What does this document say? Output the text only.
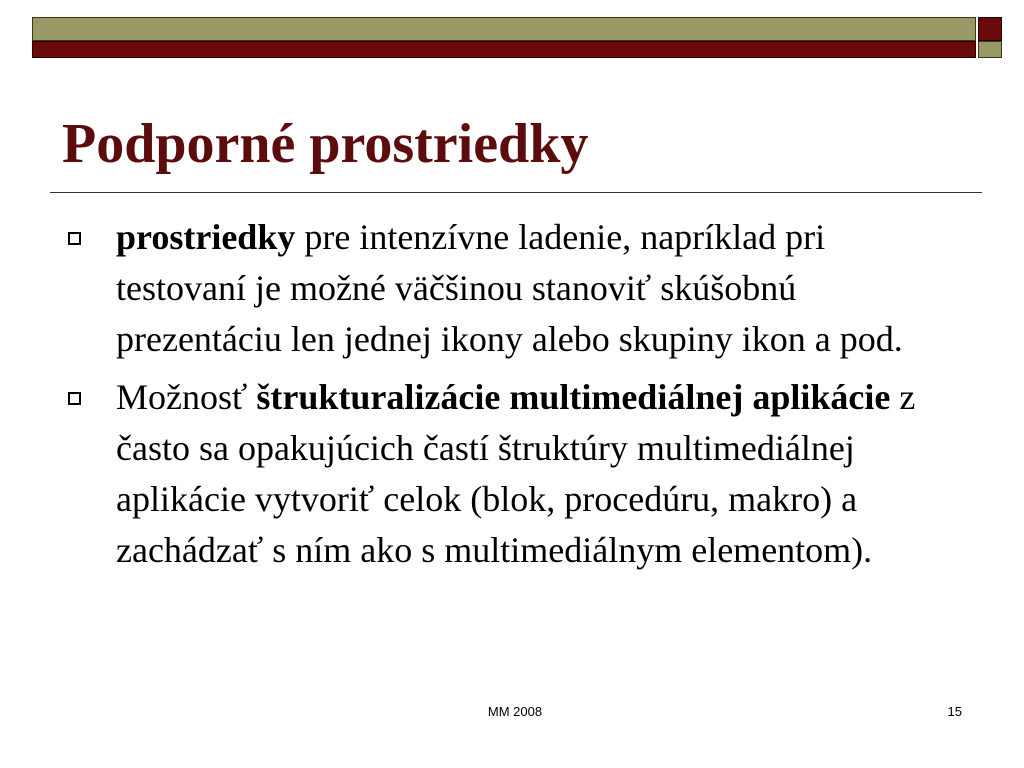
Podporné prostriedky
prostriedky pre intenzívne ladenie, napríklad pri testovaní je možné väčšinou stanoviť skúšobnú prezentáciu len jednej ikony alebo skupiny ikon a pod.
Možnosť štrukturalizácie multimediálnej aplikácie z často sa opakujúcich častí štruktúry multimediálnej aplikácie vytvoriť celok (blok, procedúru, makro) a zachádzať s ním ako s multimediálnym elementom).
MM 2008	15
